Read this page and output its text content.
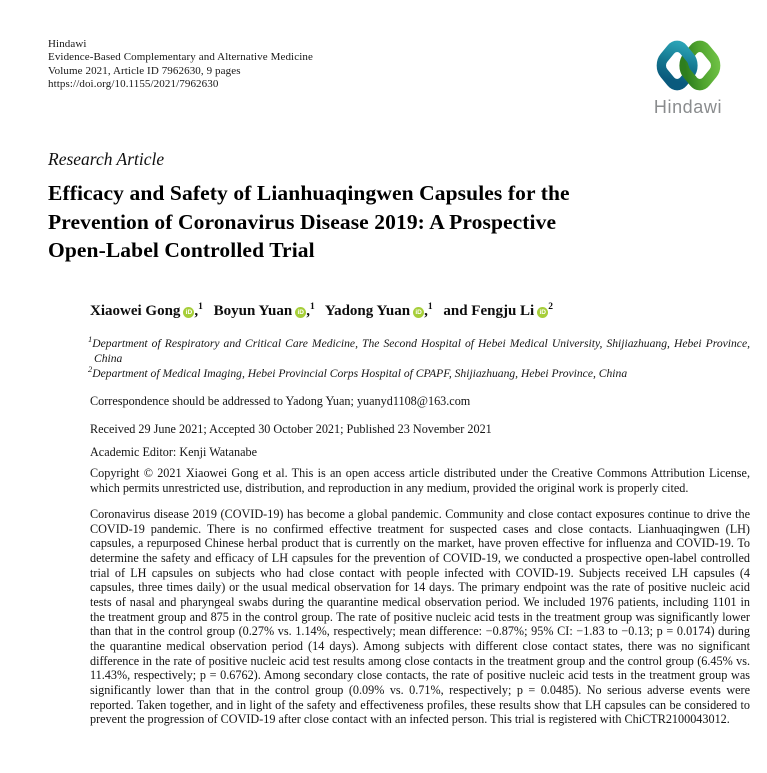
Hindawi
Evidence-Based Complementary and Alternative Medicine
Volume 2021, Article ID 7962630, 9 pages
https://doi.org/10.1155/2021/7962630
Hindawi
Research Article
Efficacy and Safety of Lianhuaqingwen Capsules for the
Prevention of Coronavirus Disease 2019: A Prospective
Open-Label Controlled Trial
Xiaowei Gong iD ,$^1$ Boyun Yuan iD ,$^1$ Yadong Yuan iD ,$^1$ and Fengju Li $iD^2$
$^1$Department of Respiratory and Critical Care Medicine, The Second Hospital of Hebei Medical University, Shijiazhuang, Hebei Province, China
$^2$Department of Medical Imaging, Hebei Provincial Corps Hospital of CPAPF, Shijiazhuang, Hebei Province, China
Correspondence should be addressed to Yadong Yuan; yuanyd1108@163.com
Received 29 June 2021; Accepted 30 October 2021; Published 23 November 2021
Academic Editor: Kenji Watanabe
Copyright © 2021 Xiaowei Gong et al. This is an open access article distributed under the Creative Commons Attribution License, which permits unrestricted use, distribution, and reproduction in any medium, provided the original work is properly cited.
Coronavirus disease 2019 (COVID-19) has become a global pandemic. Community and close contact exposures continue to drive the COVID-19 pandemic. There is no confirmed effective treatment for suspected cases and close contacts. Lianhuaqingwen (LH) capsules, a repurposed Chinese herbal product that is currently on the market, have proven effective for influenza and COVID-19. To determine the safety and efficacy of LH capsules for the prevention of COVID-19, we conducted a prospective open-label controlled trial of LH capsules on subjects who had close contact with people infected with COVID-19. Subjects received LH capsules (4 capsules, three times daily) or the usual medical observation for 14 days. The primary endpoint was the rate of positive nucleic acid tests of nasal and pharyngeal swabs during the quarantine medical observation period. We included 1976 patients, including 1101 in the treatment group and 875 in the control group. The rate of positive nucleic acid tests in the treatment group was significantly lower than that in the control group (0.27% vs. 1.14%, respectively; mean difference: −0.87%; 95% CI: −1.83 to −0.13; p = 0.0174) during the quarantine medical observation period (14 days). Among subjects with different close contact states, there was no significant difference in the rate of positive nucleic acid test results among close contacts in the treatment group and the control group (6.45% vs. 11.43%, respectively; p = 0.6762). Among secondary close contacts, the rate of positive nucleic acid tests in the treatment group was significantly lower than that in the control group (0.09% vs. 0.71%, respectively; p = 0.0485). No serious adverse events were reported. Taken together, and in light of the safety and effectiveness profiles, these results show that LH capsules can be considered to prevent the progression of COVID-19 after close contact with an infected person. This trial is registered with ChiCTR2100043012.
